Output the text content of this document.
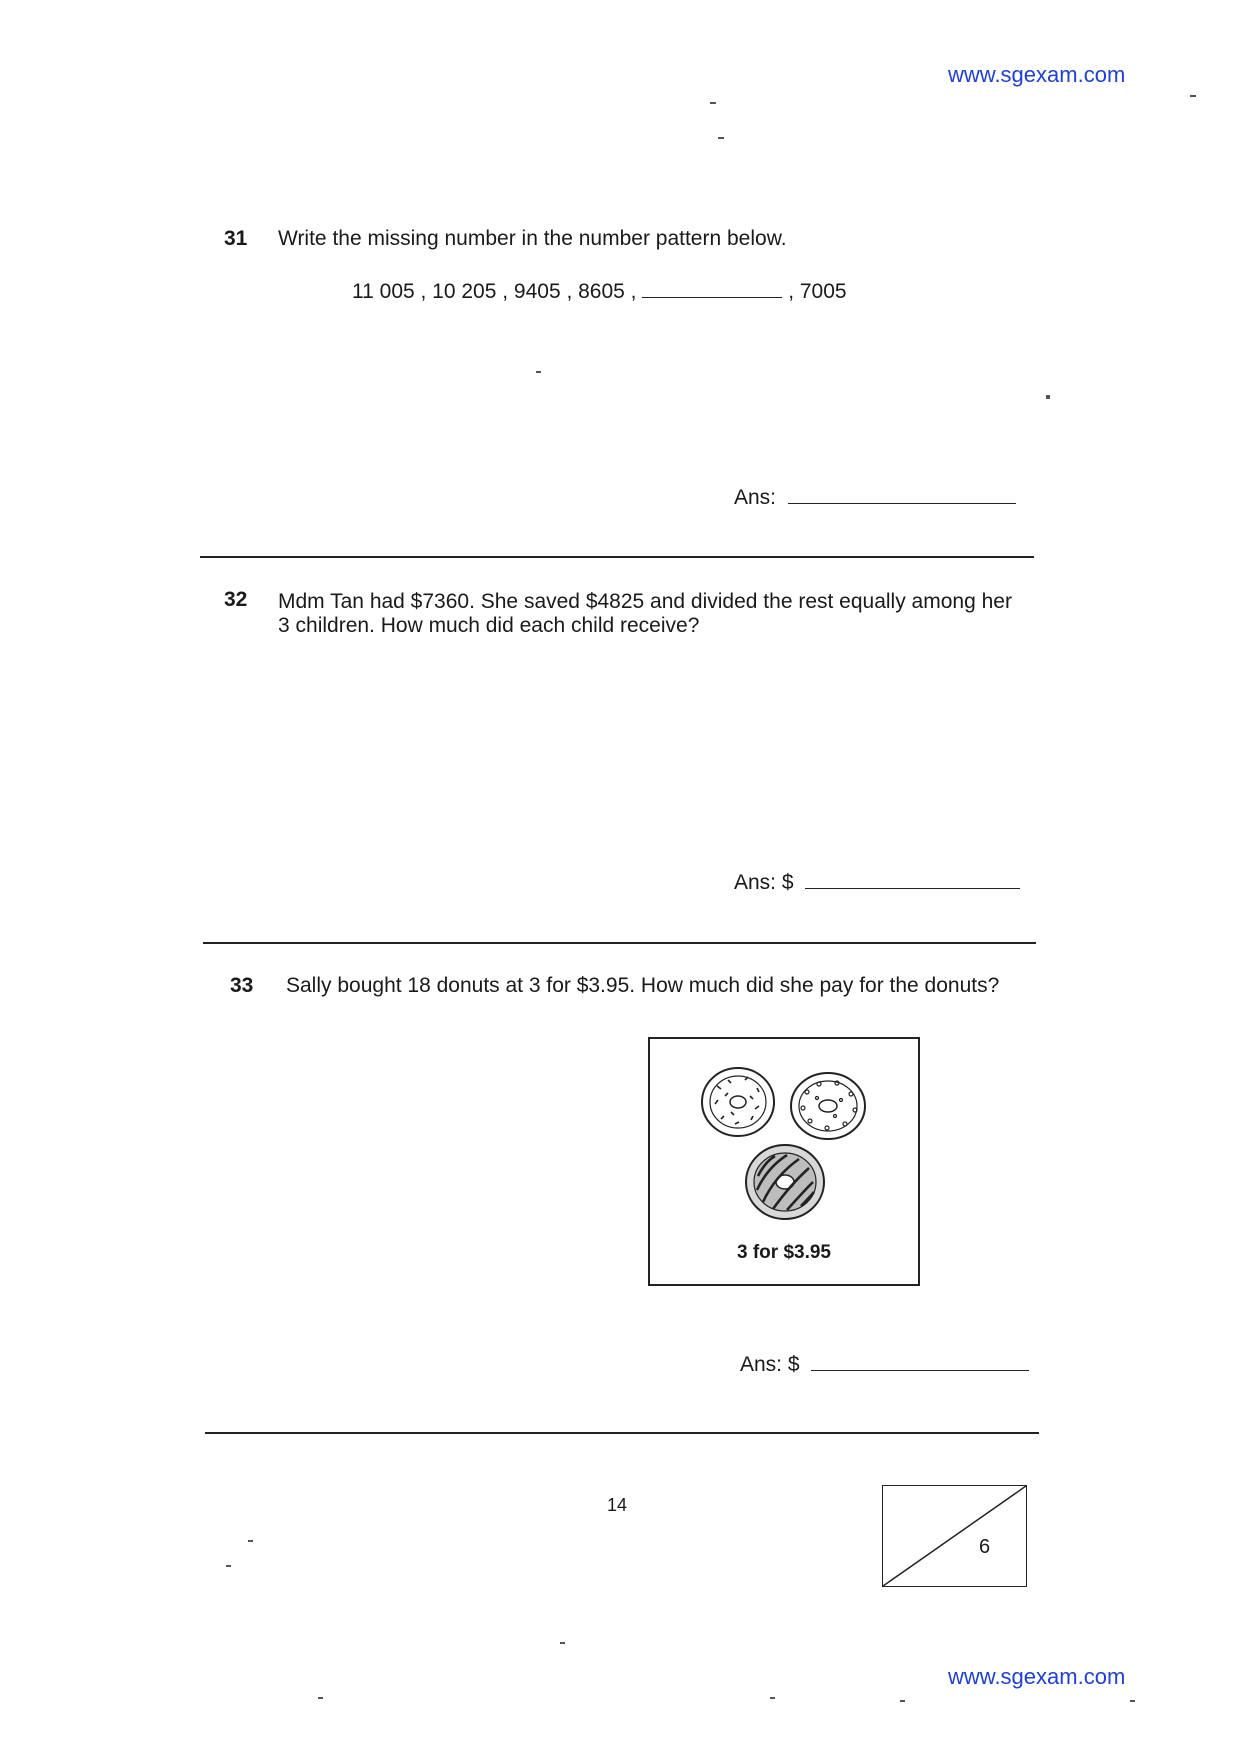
www.sgexam.com
31 Write the missing number in the number pattern below.
11 005 , 10 205 , 9405 , 8605 ,	, 7005
Ans:
32 Mdm Tan had $7360. She saved $4825 and divided the rest equally among her
3 children. How much did each child receive?
Ans: $
33 Sally bought 18 donuts at 3 for $3.95. How much did she pay for the donuts?
3 for $3.95
Ans: $
14
6
www.sgexam.com
